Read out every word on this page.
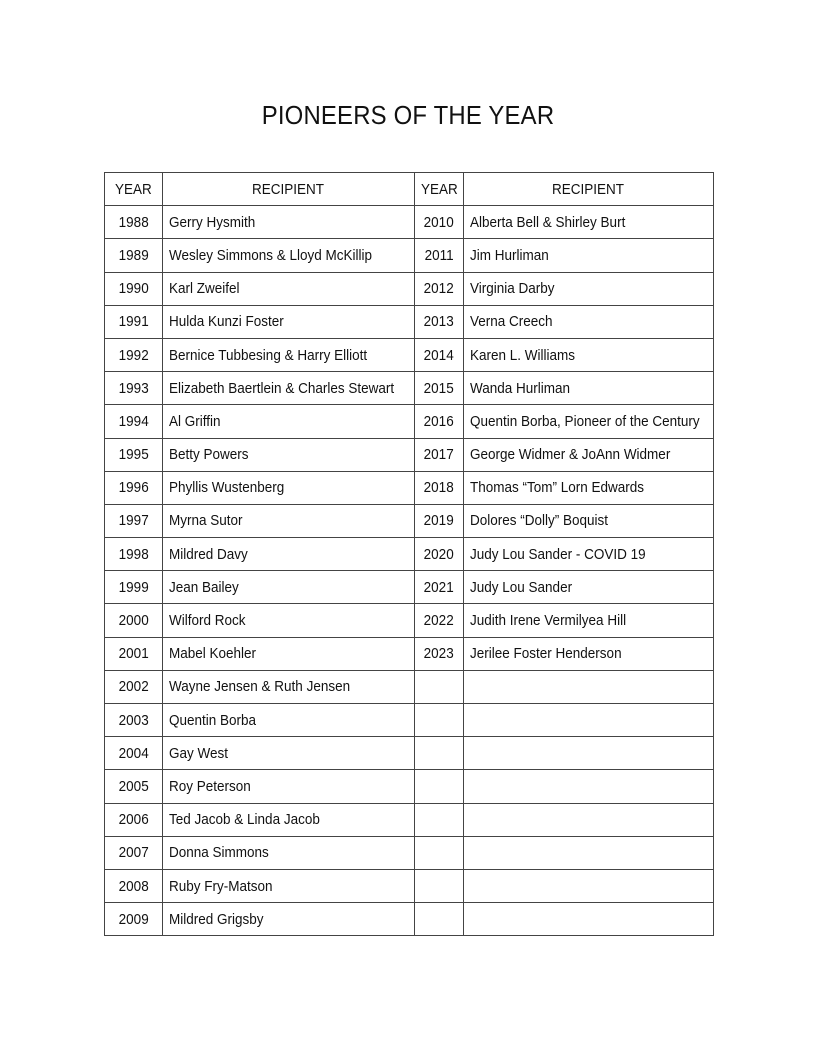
PIONEERS OF THE YEAR
YEAR	RECIPIENT	YEAR	RECIPIENT
1988	Gerry Hysmith	2010	Alberta Bell & Shirley Burt
1989	Wesley Simmons & Lloyd McKillip	2011	Jim Hurliman
1990	Karl Zweifel	2012	Virginia Darby
1991	Hulda Kunzi Foster	2013	Verna Creech
1992	Bernice Tubbesing & Harry Elliott	2014	Karen L. Williams
1993	Elizabeth Baertlein & Charles Stewart	2015	Wanda Hurliman
1994	Al Griffin	2016	Quentin Borba, Pioneer of the Century
1995	Betty Powers	2017	George Widmer & JoAnn Widmer
1996	Phyllis Wustenberg	2018	Thomas “Tom” Lorn Edwards
1997	Myrna Sutor	2019	Dolores “Dolly” Boquist
1998	Mildred Davy	2020	Judy Lou Sander - COVID 19
1999	Jean Bailey	2021	Judy Lou Sander
2000	Wilford Rock	2022	Judith Irene Vermilyea Hill
2001	Mabel Koehler	2023	Jerilee Foster Henderson
2002	Wayne Jensen & Ruth Jensen		
2003	Quentin Borba		
2004	Gay West		
2005	Roy Peterson		
2006	Ted Jacob & Linda Jacob		
2007	Donna Simmons		
2008	Ruby Fry-Matson		
2009	Mildred Grigsby		
